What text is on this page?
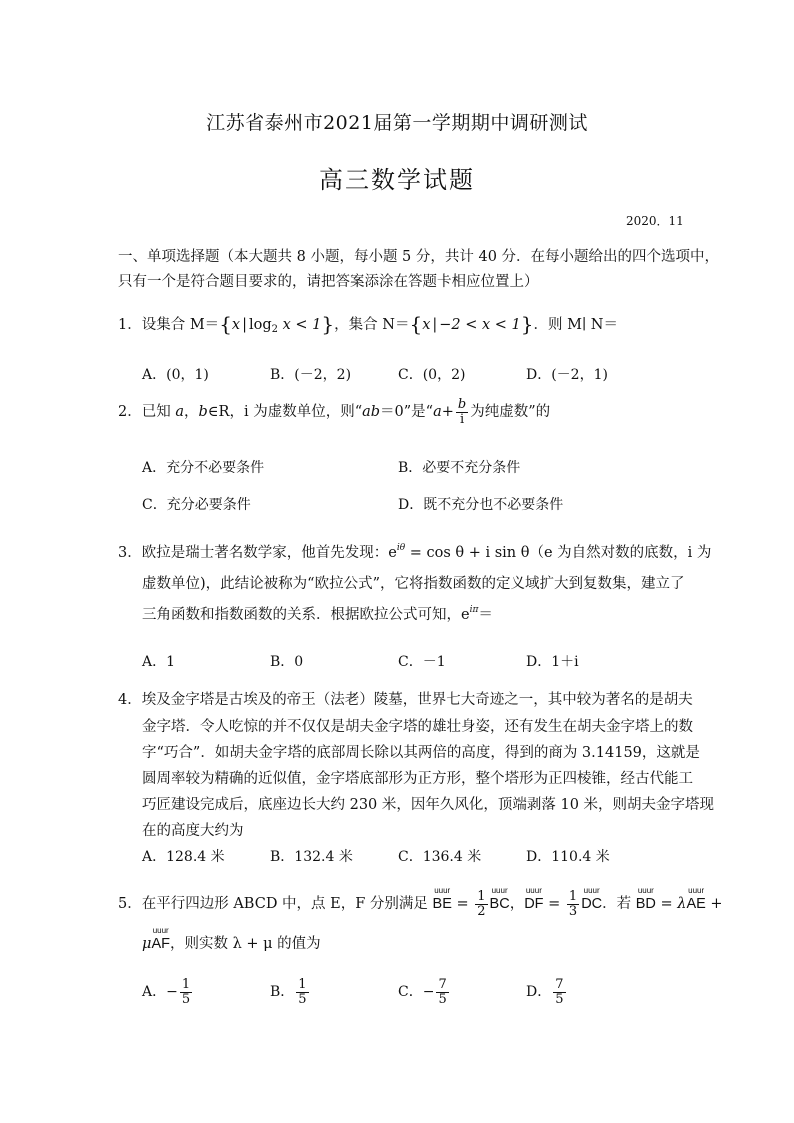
江苏省泰州市2021届第一学期期中调研测试
高三数学试题
2020．11
一、单项选择题（本大题共 8 小题，每小题 5 分，共计 40 分．在每小题给出的四个选项中，
只有一个是符合题目要求的，请把答案添涂在答题卡相应位置上）
1．设集合 M＝{x | $\log_2 x < 1$}，集合 N＝{x | −2 < x < 1}．则 M∣ N＝
A．(0，1)	B．(－2，2)	C．(0，2)	D．(－2，1)
2．已知 a，b∈R，i 为虚数单位，则“ab＝0”是“$a+ \frac{b}{i}$ 为纯虚数”的
A．充分不必要条件	B．必要不充分条件
C．充分必要条件	D．既不充分也不必要条件
3．欧拉是瑞士著名数学家，他首先发现：$e^{i\theta} = \cos \theta + i$ sin θ（e 为自然对数的底数，i 为
虚数单位)，此结论被称为“欧拉公式”，它将指数函数的定义域扩大到复数集，建立了
三角函数和指数函数的关系．根据欧拉公式可知，$e^{i\pi}=$
A．1	B．0	C．－1	D．1＋i
4．埃及金字塔是古埃及的帝王（法老）陵墓，世界七大奇迹之一，其中较为著名的是胡夫
金字塔．令人吃惊的并不仅仅是胡夫金字塔的雄壮身姿，还有发生在胡夫金字塔上的数
字“巧合”．如胡夫金字塔的底部周长除以其两倍的高度，得到的商为 3.14159，这就是
圆周率较为精确的近似值，金字塔底部形为正方形，整个塔形为正四棱锥，经古代能工
巧匠建设完成后，底座边长大约 230 米，因年久风化，顶端剥落 10 米，则胡夫金字塔现
在的高度大约为
A．128.4 米	B．132.4 米	C．136.4 米	D．110.4 米
5．在平行四边形 ABCD 中，点 E，F 分别满足
uuur
BE = $\frac{1}{2}$ uuur
BC，
uuur
DF = $\frac{1}{3}$ uuur
DC．若
uuur
BD = λ
uuur
AE +
μ
uuur
AF，则实数 λ + μ 的值为
A．− $\frac{1}{5}$	B． $\frac{1}{5}$	C．− $\frac{7}{5}$	D． $\frac{7}{5}$
